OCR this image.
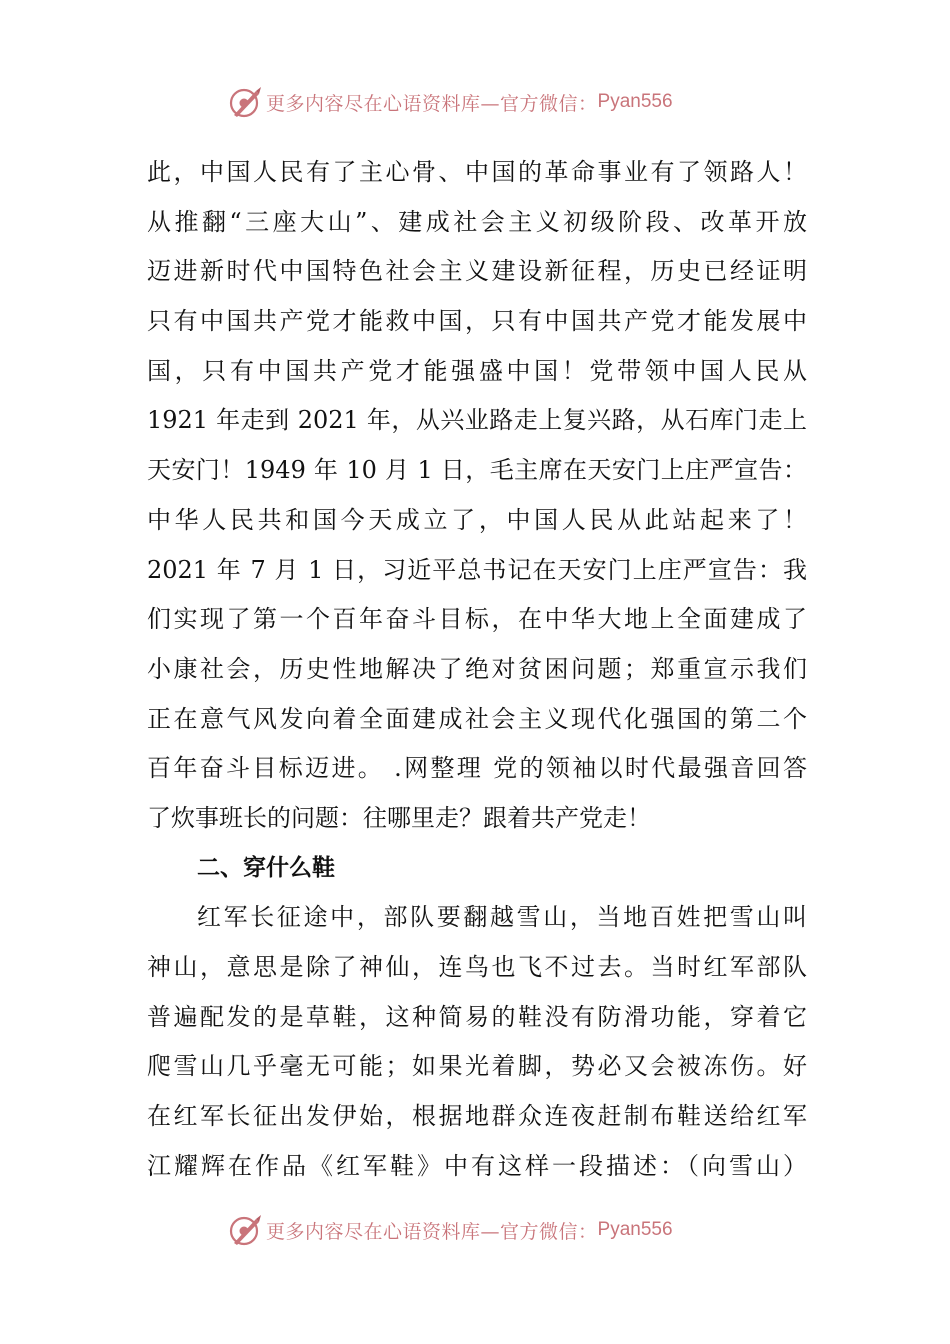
更多内容尽在心语资料库—官方微信： Pyan556
此，中国人民有了主心骨、中国的革命事业有了领路人！
从推翻“三座大山”、建成社会主义初级阶段、改革开放
迈进新时代中国特色社会主义建设新征程，历史已经证明
只有中国共产党才能救中国，只有中国共产党才能发展中
国，只有中国共产党才能强盛中国！党带领中国人民从
1921 年走到 2021 年，从兴业路走上复兴路，从石库门走上
天安门！1949 年 10 月 1 日，毛主席在天安门上庄严宣告：
中华人民共和国今天成立了，中国人民从此站起来了！
2021 年 7 月 1 日，习近平总书记在天安门上庄严宣告：我
们实现了第一个百年奋斗目标，在中华大地上全面建成了
小康社会，历史性地解决了绝对贫困问题；郑重宣示我们
正在意气风发向着全面建成社会主义现代化强国的第二个
百年奋斗目标迈进。 .网整理 党的领袖以时代最强音回答
了炊事班长的问题：往哪里走？跟着共产党走！
二、穿什么鞋
红军长征途中，部队要翻越雪山，当地百姓把雪山叫
神山，意思是除了神仙，连鸟也飞不过去。当时红军部队
普遍配发的是草鞋，这种简易的鞋没有防滑功能，穿着它
爬雪山几乎毫无可能；如果光着脚，势必又会被冻伤。好
在红军长征出发伊始，根据地群众连夜赶制布鞋送给红军
江耀辉在作品《红军鞋》中有这样一段描述：（向雪山）
更多内容尽在心语资料库—官方微信： Pyan556
